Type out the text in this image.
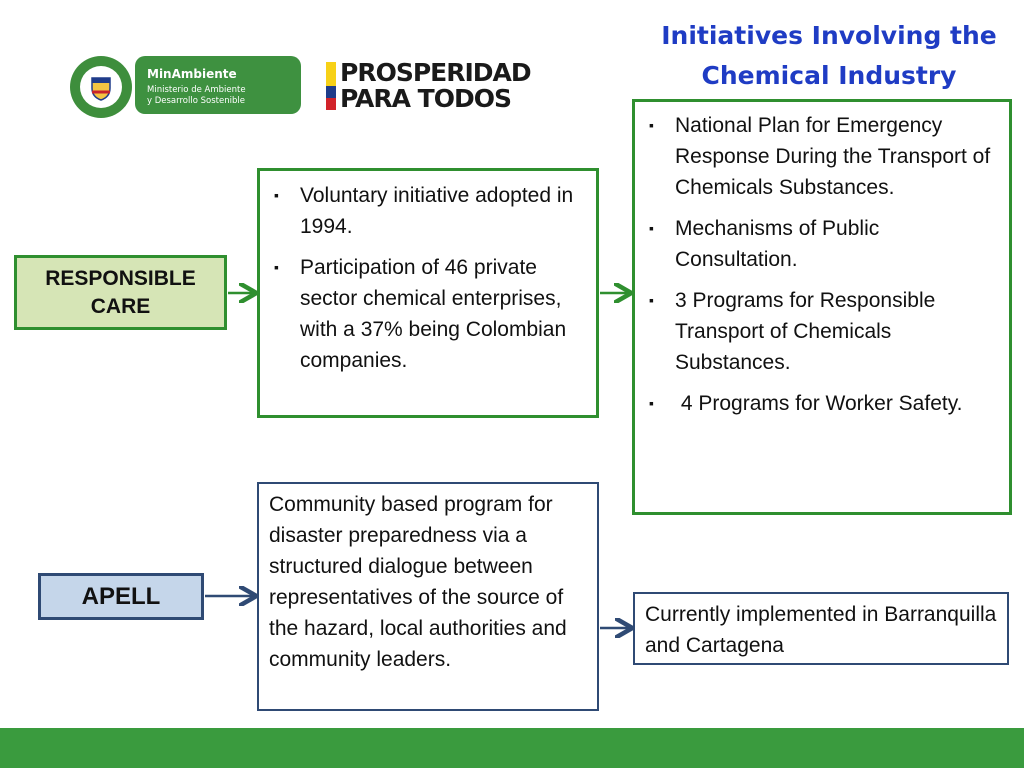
Initiatives Involving the
Chemical Industry
MinAmbiente
Ministerio de Ambiente
y Desarrollo Sostenible
PROSPERIDAD
PARA TODOS
RESPONSIBLE
CARE
▪ Voluntary initiative adopted in 1994.
▪ Participation of 46 private sector chemical enterprises, with a 37% being Colombian companies.
▪ National Plan for Emergency Response During the Transport of Chemicals Substances.
▪ Mechanisms of Public Consultation.
▪ 3 Programs for Responsible Transport of Chemicals Substances.
▪ 4 Programs for Worker Safety.
APELL
Community based program for disaster preparedness via a structured dialogue between representatives of the source of the hazard, local authorities and community leaders.
Currently implemented in Barranquilla and Cartagena
